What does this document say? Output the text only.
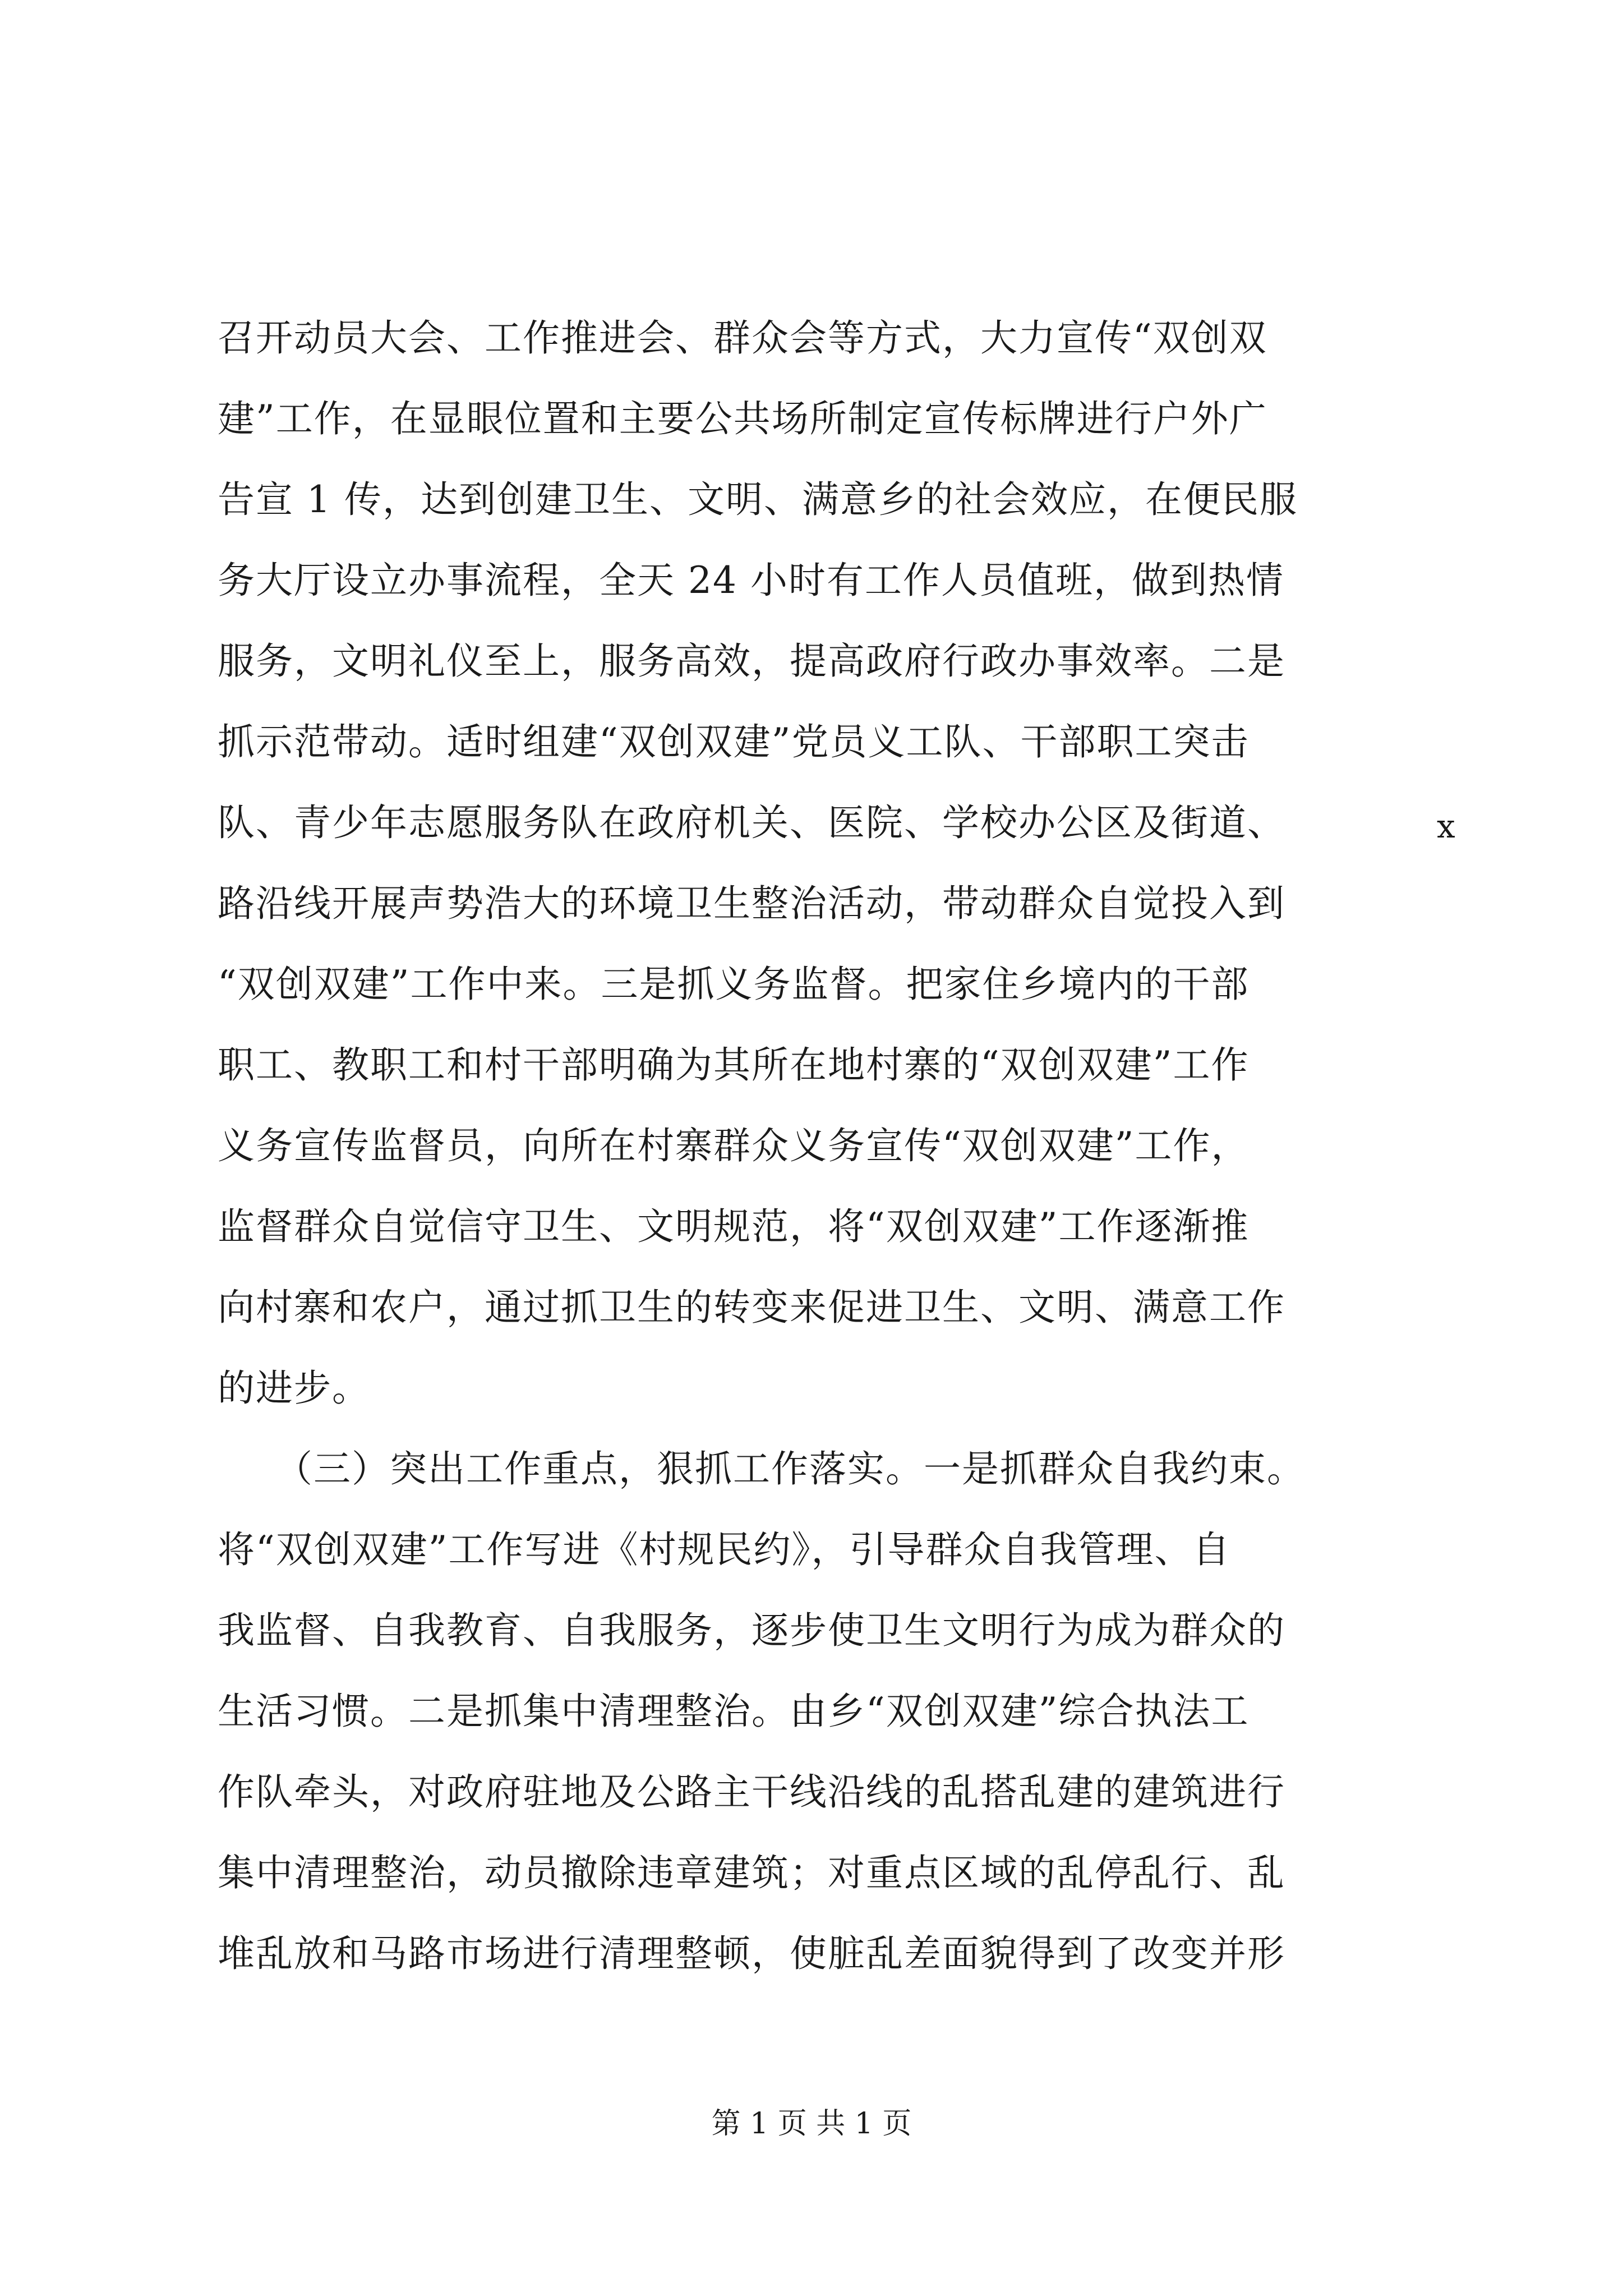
召开动员大会、工作推进会、群众会等方式，大力宣传“双创双
建”工作，在显眼位置和主要公共场所制定宣传标牌进行户外广
告宣 1 传，达到创建卫生、文明、满意乡的社会效应，在便民服
务大厅设立办事流程，全天 24 小时有工作人员值班，做到热情
服务，文明礼仪至上，服务高效，提高政府行政办事效率。二是
抓示范带动。适时组建“双创双建”党员义工队、干部职工突击
队、青少年志愿服务队在政府机关、医院、学校办公区及街道、
路沿线开展声势浩大的环境卫生整治活动，带动群众自觉投入到
“双创双建”工作中来。三是抓义务监督。把家住乡境内的干部
职工、教职工和村干部明确为其所在地村寨的“双创双建”工作
义务宣传监督员，向所在村寨群众义务宣传“双创双建”工作，
监督群众自觉信守卫生、文明规范，将“双创双建”工作逐渐推
向村寨和农户，通过抓卫生的转变来促进卫生、文明、满意工作
的进步。
　　（三）突出工作重点，狠抓工作落实。一是抓群众自我约束。
将“双创双建”工作写进《村规民约》，引导群众自我管理、自
我监督、自我教育、自我服务，逐步使卫生文明行为成为群众的
生活习惯。二是抓集中清理整治。由乡“双创双建”综合执法工
作队牵头，对政府驻地及公路主干线沿线的乱搭乱建的建筑进行
集中清理整治，动员撤除违章建筑；对重点区域的乱停乱行、乱
堆乱放和马路市场进行清理整顿，使脏乱差面貌得到了改变并形
x
第 1 页 共 1 页
